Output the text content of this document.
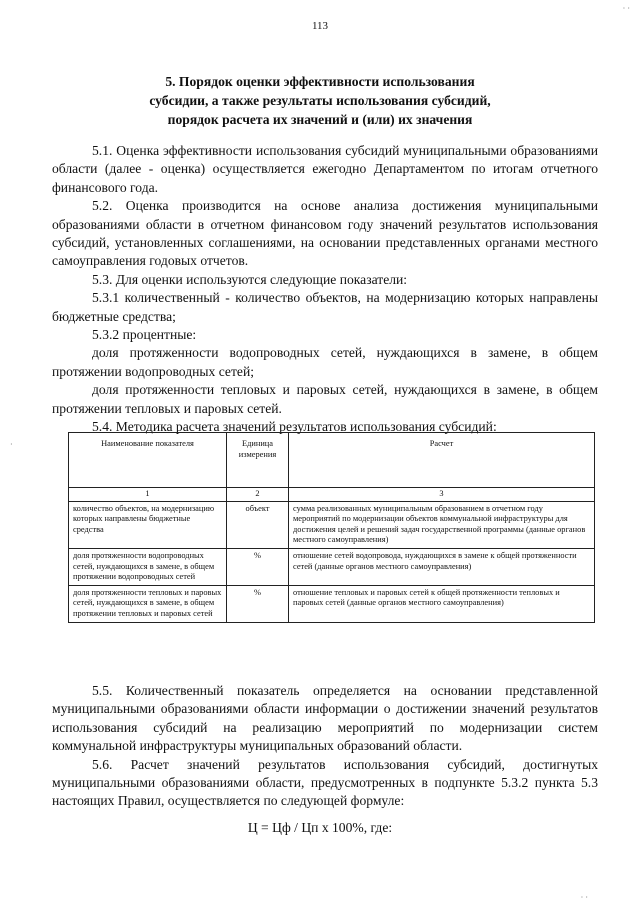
113
5. Порядок оценки эффективности использования
субсидии, а также результаты использования субсидий,
порядок расчета их значений и (или) их значения

5.1. Оценка эффективности использования субсидий муниципальными образованиями области (далее - оценка) осуществляется ежегодно Департаментом по итогам отчетного финансового года.

5.2. Оценка производится на основе анализа достижения муниципальными образованиями области в отчетном финансовом году значений результатов использования субсидий, установленных соглашениями, на основании представленных органами местного самоуправления годовых отчетов.

5.3. Для оценки используются следующие показатели:

5.3.1 количественный - количество объектов, на модернизацию которых направлены бюджетные средства;

5.3.2 процентные:

доля протяженности водопроводных сетей, нуждающихся в замене, в общем протяжении водопроводных сетей;

доля протяженности тепловых и паровых сетей, нуждающихся в замене, в общем протяжении тепловых и паровых сетей.

5.4. Методика расчета значений результатов использования субсидий:

Наименование показателя	Единица измерения	Расчет
1	2	3
количество объектов, на модернизацию которых направлены бюджетные средства	объект	сумма реализованных муниципальным образованием в отчетном году мероприятий по модернизации объектов коммунальной инфраструктуры для достижения целей и решений задач государственной программы (данные органов местного самоуправления)
доля протяженности водопроводных сетей, нуждающихся в замене, в общем протяжении водопроводных сетей	%	отношение сетей водопровода, нуждающихся в замене к общей протяженности сетей (данные органов местного самоуправления)
доля протяженности тепловых и паровых сетей, нуждающихся в замене, в общем протяжении тепловых и паровых сетей	%	отношение тепловых и паровых сетей к общей протяженности тепловых и паровых сетей (данные органов местного самоуправления)

5.5. Количественный показатель определяется на основании представленной муниципальными образованиями области информации о достижении значений результатов использования субсидий на реализацию мероприятий по модернизации систем коммунальной инфраструктуры муниципальных образований области.

5.6. Расчет значений результатов использования субсидий, достигнутых муниципальными образованиями области, предусмотренных в подпункте 5.3.2 пункта 5.3 настоящих Правил, осуществляется по следующей формуле:

Ц = Цф / Цп х 100%, где:
· ·
·
· ·
